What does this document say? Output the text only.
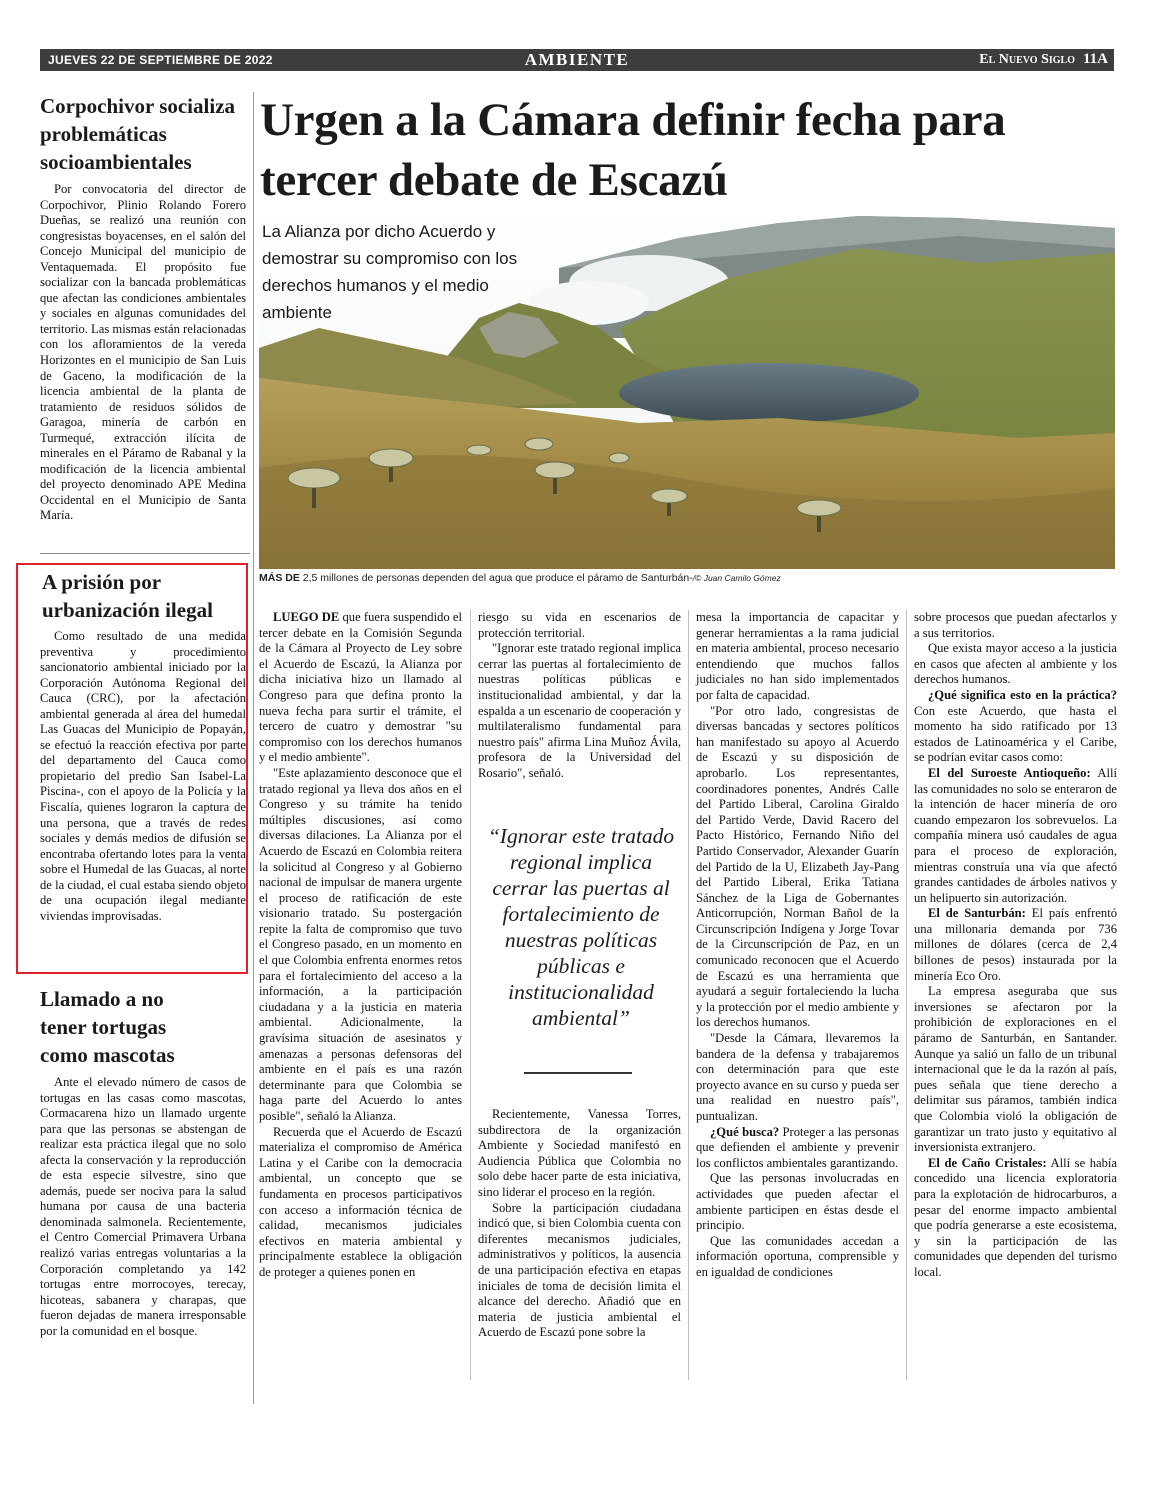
JUEVES 22 DE SEPTIEMBRE DE 2022	AMBIENTE	El Nuevo Siglo 11A
Corpochivor socializa problemáticas socioambientales

Por convocatoria del director de Corpochivor, Plinio Rolando Forero Dueñas, se realizó una reunión con congresistas boyacenses, en el salón del Concejo Municipal del municipio de Ventaquemada. El propósito fue socializar con la bancada problemáticas que afectan las condiciones ambientales y sociales en algunas comunidades del territorio. Las mismas están relacionadas con los afloramientos de la vereda Horizontes en el municipio de San Luis de Gaceno, la modificación de la licencia ambiental de la planta de tratamiento de residuos sólidos de Garagoa, minería de carbón en Turmequé, extracción ilícita de minerales en el Páramo de Rabanal y la modificación de la licencia ambiental del proyecto denominado APE Medina Occidental en el Municipio de Santa María.

A prisión por urbanización ilegal

Como resultado de una medida preventiva y procedimiento sancionatorio ambiental iniciado por la Corporación Autónoma Regional del Cauca (CRC), por la afectación ambiental generada al área del humedal Las Guacas del Municipio de Popayán, se efectuó la reacción efectiva por parte del departamento del Cauca como propietario del predio San Isabel-La Piscina-, con el apoyo de la Policía y la Fiscalía, quienes lograron la captura de una persona, que a través de redes sociales y demás medios de difusión se encontraba ofertando lotes para la venta sobre el Humedal de las Guacas, al norte de la ciudad, el cual estaba siendo objeto de una ocupación ilegal mediante viviendas improvisadas.

Llamado a no tener tortugas como mascotas

Ante el elevado número de casos de tortugas en las casas como mascotas, Cormacarena hizo un llamado urgente para que las personas se abstengan de realizar esta práctica ilegal que no solo afecta la conservación y la reproducción de esta especie silvestre, sino que además, puede ser nociva para la salud humana por causa de una bacteria denominada salmonela. Recientemente, el Centro Comercial Primavera Urbana realizó varias entregas voluntarias a la Corporación completando ya 142 tortugas entre morrocoyes, terecay, hicoteas, sabanera y charapas, que fueron dejadas de manera irresponsable por la comunidad en el bosque.

Urgen a la Cámara definir fecha para tercer debate de Escazú

La Alianza por dicho Acuerdo y demostrar su compromiso con los derechos humanos y el medio ambiente

MÁS DE 2,5 millones de personas dependen del agua que produce el páramo de Santurbán-/© Juan Camilo Gómez

LUEGO DE que fuera suspendido el tercer debate en la Comisión Segunda de la Cámara al Proyecto de Ley sobre el Acuerdo de Escazú, la Alianza por dicha iniciativa hizo un llamado al Congreso para que defina pronto la nueva fecha para surtir el trámite, el tercero de cuatro y demostrar "su compromiso con los derechos humanos y el medio ambiente".

"Este aplazamiento desconoce que el tratado regional ya lleva dos años en el Congreso y su trámite ha tenido múltiples discusiones, así como diversas dilaciones. La Alianza por el Acuerdo de Escazú en Colombia reitera la solicitud al Congreso y al Gobierno nacional de impulsar de manera urgente el proceso de ratificación de este visionario tratado. Su postergación repite la falta de compromiso que tuvo el Congreso pasado, en un momento en el que Colombia enfrenta enormes retos para el fortalecimiento del acceso a la información, a la participación ciudadana y a la justicia en materia ambiental. Adicionalmente, la gravísima situación de asesinatos y amenazas a personas defensoras del ambiente en el país es una razón determinante para que Colombia se haga parte del Acuerdo lo antes posible", señaló la Alianza.

Recuerda que el Acuerdo de Escazú materializa el compromiso de América Latina y el Caribe con la democracia ambiental, un concepto que se fundamenta en procesos participativos con acceso a información técnica de calidad, mecanismos judiciales efectivos en materia ambiental y principalmente establece la obligación de proteger a quienes ponen en

riesgo su vida en escenarios de protección territorial.

"Ignorar este tratado regional implica cerrar las puertas al fortalecimiento de nuestras políticas públicas e institucionalidad ambiental, y dar la espalda a un escenario de cooperación y multilateralismo fundamental para nuestro país" afirma Lina Muñoz Ávila, profesora de la Universidad del Rosario", señaló.

“Ignorar este tratado regional implica cerrar las puertas al fortalecimiento de nuestras políticas públicas e institucionalidad ambiental”

Recientemente, Vanessa Torres, subdirectora de la organización Ambiente y Sociedad manifestó en Audiencia Pública que Colombia no solo debe hacer parte de esta iniciativa, sino liderar el proceso en la región.

Sobre la participación ciudadana indicó que, si bien Colombia cuenta con diferentes mecanismos judiciales, administrativos y políticos, la ausencia de una participación efectiva en etapas iniciales de toma de decisión limita el alcance del derecho. Añadió que en materia de justicia ambiental el Acuerdo de Escazú pone sobre la

mesa la importancia de capacitar y generar herramientas a la rama judicial en materia ambiental, proceso necesario entendiendo que muchos fallos judiciales no han sido implementados por falta de capacidad.

"Por otro lado, congresistas de diversas bancadas y sectores políticos han manifestado su apoyo al Acuerdo de Escazú y su disposición de aprobarlo. Los representantes, coordinadores ponentes, Andrés Calle del Partido Liberal, Carolina Giraldo del Partido Verde, David Racero del Pacto Histórico, Fernando Niño del Partido Conservador, Alexander Guarín del Partido de la U, Elizabeth Jay-Pang del Partido Liberal, Erika Tatiana Sánchez de la Liga de Gobernantes Anticorrupción, Norman Bañol de la Circunscripción Indígena y Jorge Tovar de la Circunscripción de Paz, en un comunicado reconocen que el Acuerdo de Escazú es una herramienta que ayudará a seguir fortaleciendo la lucha y la protección por el medio ambiente y los derechos humanos.

"Desde la Cámara, llevaremos la bandera de la defensa y trabajaremos con determinación para que este proyecto avance en su curso y pueda ser una realidad en nuestro país", puntualizan.

¿Qué busca? Proteger a las personas que defienden el ambiente y prevenir los conflictos ambientales garantizando.

Que las personas involucradas en actividades que pueden afectar el ambiente participen en éstas desde el principio.

Que las comunidades accedan a información oportuna, comprensible y en igualdad de condiciones

sobre procesos que puedan afectarlos y a sus territorios.

Que exista mayor acceso a la justicia en casos que afecten al ambiente y los derechos humanos.

¿Qué significa esto en la práctica? Con este Acuerdo, que hasta el momento ha sido ratificado por 13 estados de Latinoamérica y el Caribe, se podrían evitar casos como:

El del Suroeste Antioqueño: Allí las comunidades no solo se enteraron de la intención de hacer minería de oro cuando empezaron los sobrevuelos. La compañía minera usó caudales de agua para el proceso de exploración, mientras construía una vía que afectó grandes cantidades de árboles nativos y un helipuerto sin autorización.

El de Santurbán: El país enfrentó una millonaria demanda por 736 millones de dólares (cerca de 2,4 billones de pesos) instaurada por la minería Eco Oro.

La empresa aseguraba que sus inversiones se afectaron por la prohibición de exploraciones en el páramo de Santurbán, en Santander. Aunque ya salió un fallo de un tribunal internacional que le da la razón al país, pues señala que tiene derecho a delimitar sus páramos, también indica que Colombia violó la obligación de garantizar un trato justo y equitativo al inversionista extranjero.

El de Caño Cristales: Allí se había concedido una licencia exploratoria para la explotación de hidrocarburos, a pesar del enorme impacto ambiental que podría generarse a este ecosistema, y sin la participación de las comunidades que dependen del turismo local.
